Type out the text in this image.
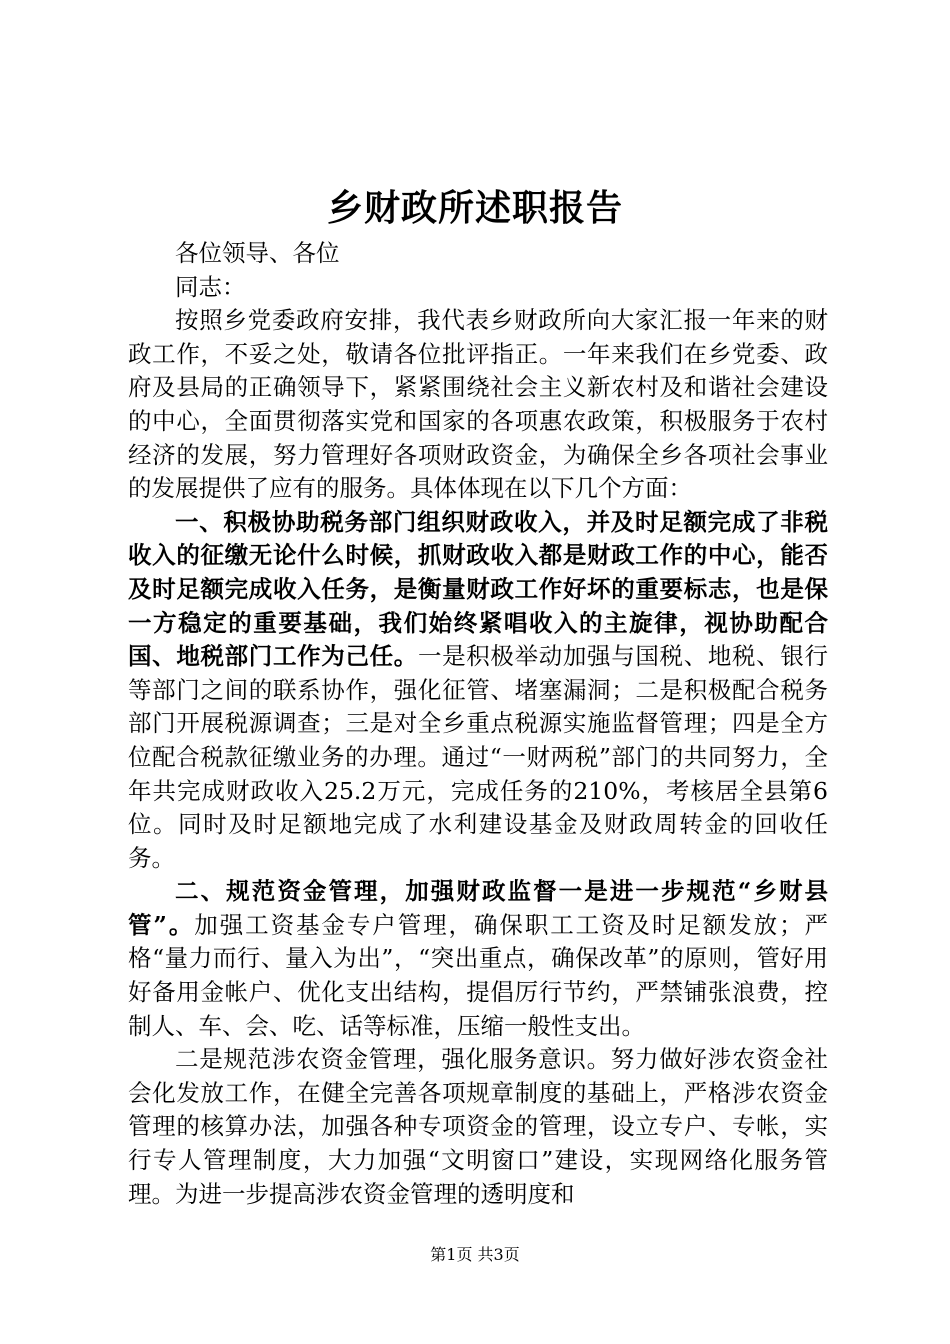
乡财政所述职报告

各位领导、各位

同志：

按照乡党委政府安排，我代表乡财政所向大家汇报一年来的财政工作，不妥之处，敬请各位批评指正。一年来我们在乡党委、政府及县局的正确领导下，紧紧围绕社会主义新农村及和谐社会建设的中心，全面贯彻落实党和国家的各项惠农政策，积极服务于农村经济的发展，努力管理好各项财政资金，为确保全乡各项社会事业的发展提供了应有的服务。具体体现在以下几个方面：

一、积极协助税务部门组织财政收入，并及时足额完成了非税收入的征缴无论什么时候，抓财政收入都是财政工作的中心，能否及时足额完成收入任务，是衡量财政工作好坏的重要标志，也是保一方稳定的重要基础，我们始终紧唱收入的主旋律，视协助配合国、地税部门工作为己任。一是积极举动加强与国税、地税、银行等部门之间的联系协作，强化征管、堵塞漏洞；二是积极配合税务部门开展税源调查；三是对全乡重点税源实施监督管理；四是全方位配合税款征缴业务的办理。通过“一财两税”部门的共同努力，全年共完成财政收入25.2万元，完成任务的210%，考核居全县第6位。同时及时足额地完成了水利建设基金及财政周转金的回收任务。

二、规范资金管理，加强财政监督一是进一步规范“乡财县管”。加强工资基金专户管理，确保职工工资及时足额发放；严格“量力而行、量入为出”，“突出重点，确保改革”的原则，管好用好备用金帐户、优化支出结构，提倡厉行节约，严禁铺张浪费，控制人、车、会、吃、话等标准，压缩一般性支出。

二是规范涉农资金管理，强化服务意识。努力做好涉农资金社会化发放工作，在健全完善各项规章制度的基础上，严格涉农资金管理的核算办法，加强各种专项资金的管理，设立专户、专帐，实行专人管理制度，大力加强“文明窗口”建设，实现网络化服务管理。为进一步提高涉农资金管理的透明度和

第1页 共3页
